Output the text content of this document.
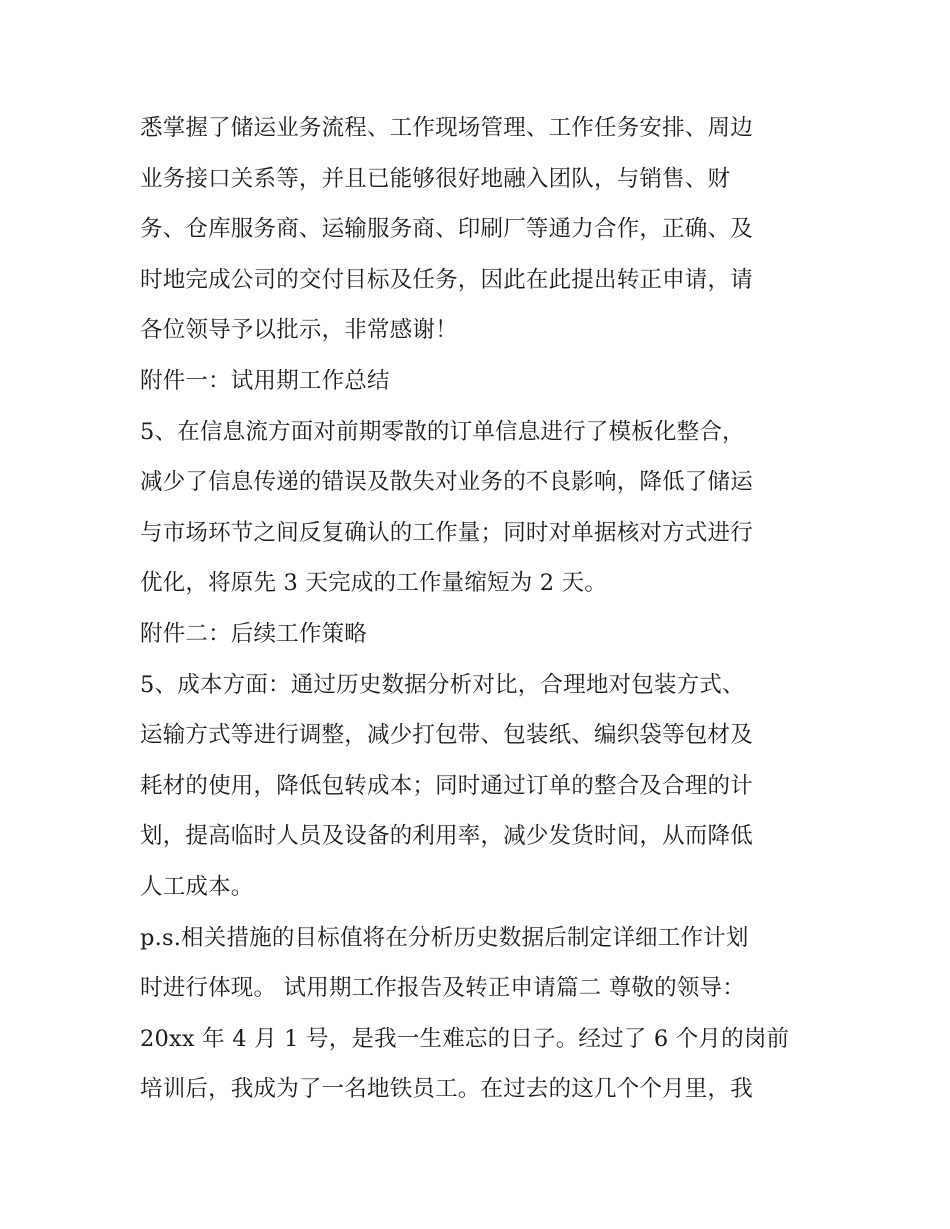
悉掌握了储运业务流程、工作现场管理、工作任务安排、周边
业务接口关系等，并且已能够很好地融入团队，与销售、财
务、仓库服务商、运输服务商、印刷厂等通力合作，正确、及
时地完成公司的交付目标及任务，因此在此提出转正申请，请
各位领导予以批示，非常感谢！
附件一：试用期工作总结
5、在信息流方面对前期零散的订单信息进行了模板化整合，
减少了信息传递的错误及散失对业务的不良影响，降低了储运
与市场环节之间反复确认的工作量；同时对单据核对方式进行
优化，将原先 3 天完成的工作量缩短为 2 天。
附件二：后续工作策略
5、成本方面：通过历史数据分析对比，合理地对包装方式、
运输方式等进行调整，减少打包带、包装纸、编织袋等包材及
耗材的使用，降低包转成本；同时通过订单的整合及合理的计
划，提高临时人员及设备的利用率，减少发货时间，从而降低
人工成本。
p.s.相关措施的目标值将在分析历史数据后制定详细工作计划
时进行体现。 试用期工作报告及转正申请篇二 尊敬的领导：
20xx 年 4 月 1 号，是我一生难忘的日子。经过了 6 个月的岗前
培训后，我成为了一名地铁员工。在过去的这几个个月里，我
